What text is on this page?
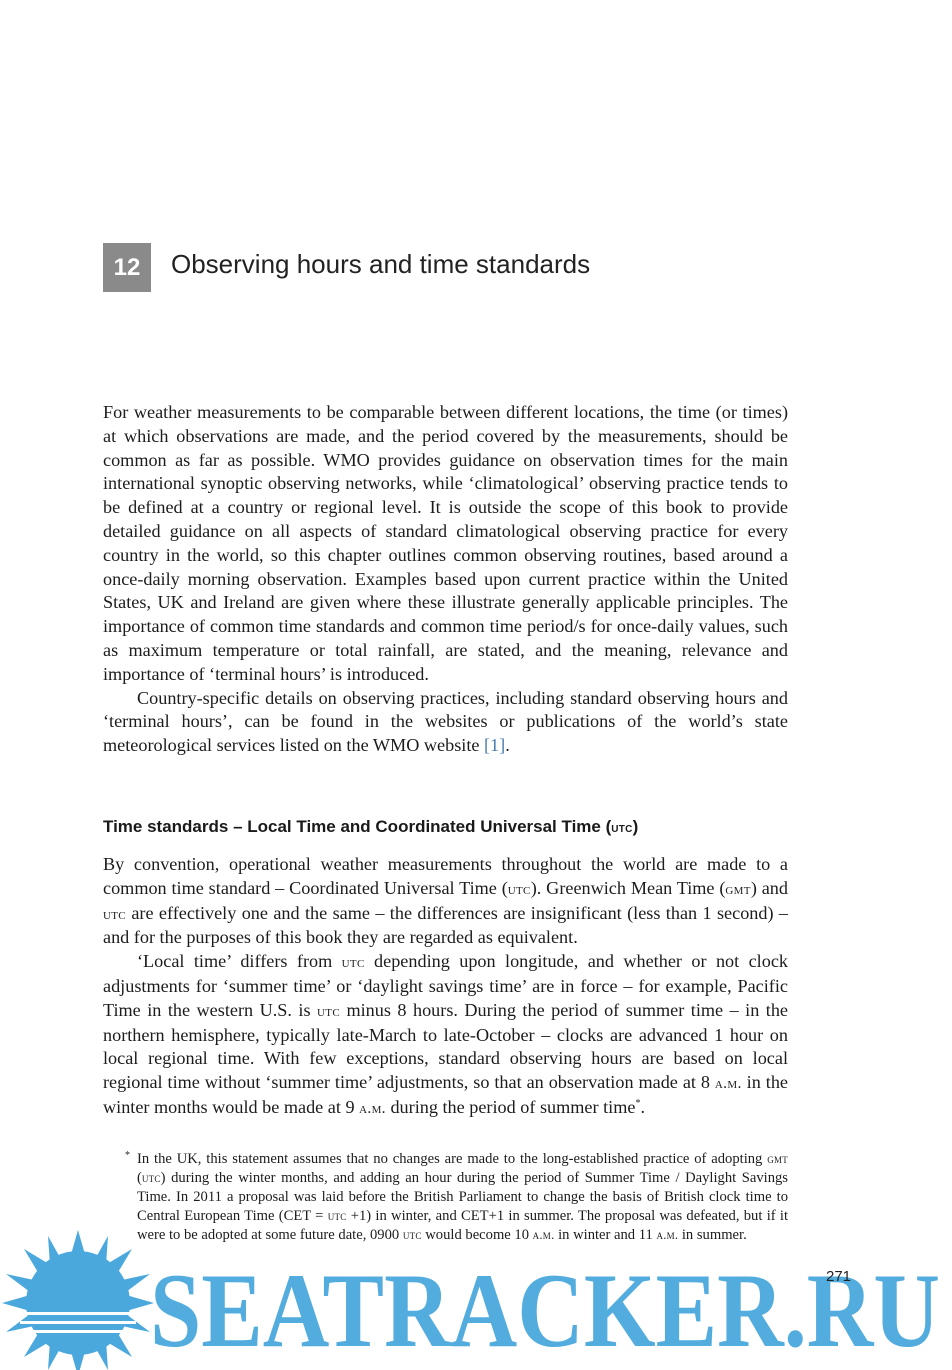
12	Observing hours and time standards

For weather measurements to be comparable between different locations, the time (or times) at which observations are made, and the period covered by the measurements, should be common as far as possible. WMO provides guidance on observation times for the main international synoptic observing networks, while ‘climatological’ observing practice tends to be defined at a country or regional level. It is outside the scope of this book to provide detailed guidance on all aspects of standard climatological observing practice for every country in the world, so this chapter outlines common observing routines, based around a once-daily morning observation. Examples based upon current practice within the United States, UK and Ireland are given where these illustrate generally applicable principles. The importance of common time standards and common time period/s for once-daily values, such as maximum temperature or total rainfall, are stated, and the meaning, relevance and importance of ‘terminal hours’ is introduced.

Country-specific details on observing practices, including standard observing hours and ‘terminal hours’, can be found in the websites or publications of the world’s state meteorological services listed on the WMO website [1].

Time standards – Local Time and Coordinated Universal Time (utc)

By convention, operational weather measurements throughout the world are made to a common time standard – Coordinated Universal Time (utc). Greenwich Mean Time (gmt) and utc are effectively one and the same – the differences are insignificant (less than 1 second) – and for the purposes of this book they are regarded as equivalent.

‘Local time’ differs from utc depending upon longitude, and whether or not clock adjustments for ‘summer time’ or ‘daylight savings time’ are in force – for example, Pacific Time in the western U.S. is utc minus 8 hours. During the period of summer time – in the northern hemisphere, typically late-March to late-October – clocks are advanced 1 hour on local regional time. With few exceptions, standard observing hours are based on local regional time without ‘summer time’ adjustments, so that an observation made at 8 a.m. in the winter months would be made at 9 a.m. during the period of summer time*.

* In the UK, this statement assumes that no changes are made to the long-established practice of adopting gmt (utc) during the winter months, and adding an hour during the period of Summer Time / Daylight Savings Time. In 2011 a proposal was laid before the British Parliament to change the basis of British clock time to Central European Time (CET = utc +1) in winter, and CET+1 in summer. The proposal was defeated, but if it were to be adopted at some future date, 0900 utc would become 10 a.m. in winter and 11 a.m. in summer.
SEATRACKER.RU
271
